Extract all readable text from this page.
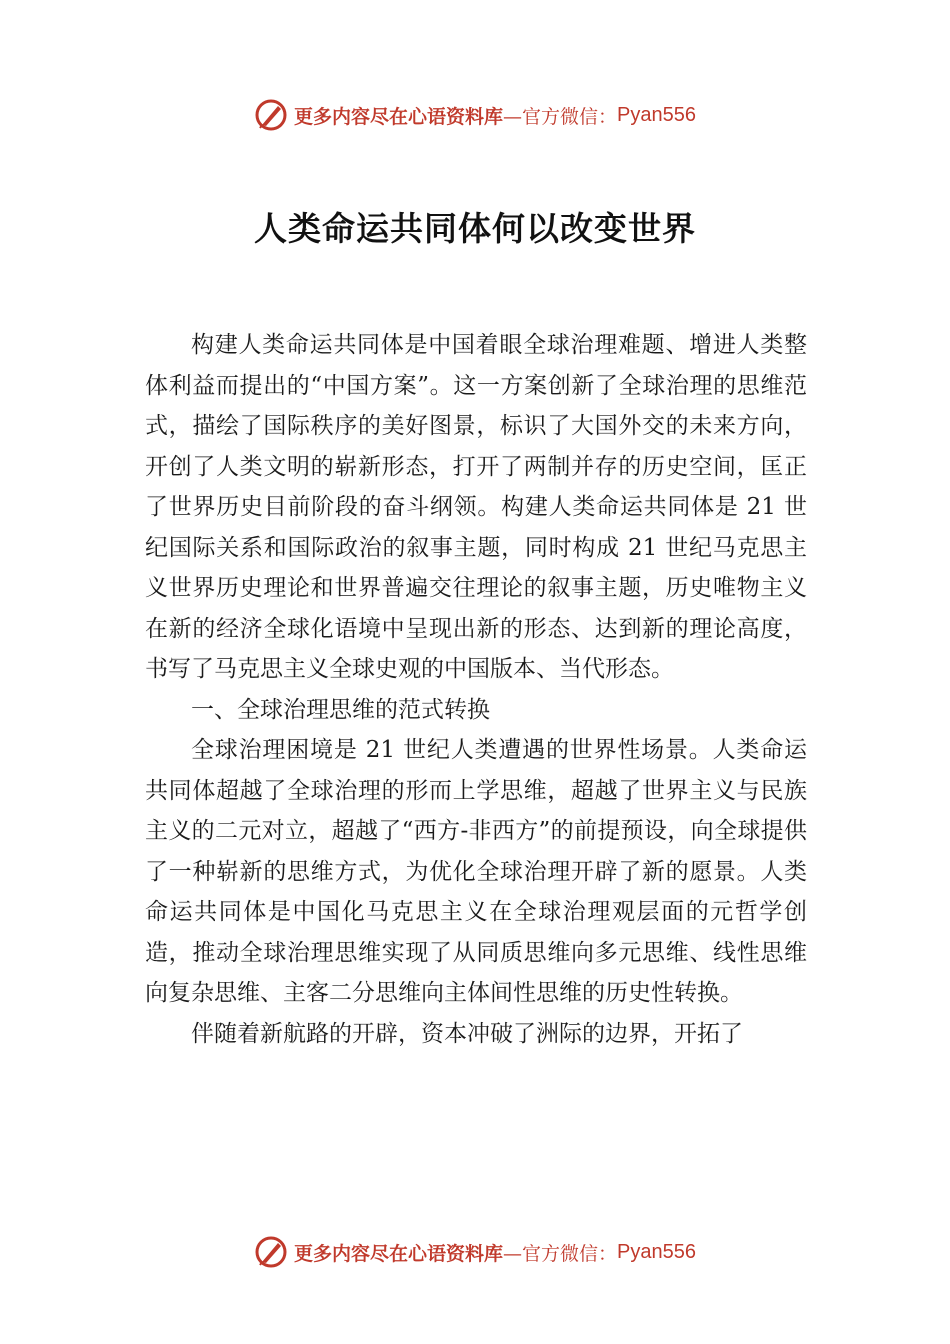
更多内容尽在心语资料库 —官方微信： Pyan556
人类命运共同体何以改变世界

构建人类命运共同体是中国着眼全球治理难题、增进人类整体利益而提出的“中国方案”。这一方案创新了全球治理的思维范式，描绘了国际秩序的美好图景，标识了大国外交的未来方向，开创了人类文明的崭新形态，打开了两制并存的历史空间，匡正了世界历史目前阶段的奋斗纲领。构建人类命运共同体是 21 世纪国际关系和国际政治的叙事主题，同时构成 21 世纪马克思主义世界历史理论和世界普遍交往理论的叙事主题，历史唯物主义在新的经济全球化语境中呈现出新的形态、达到新的理论高度，书写了马克思主义全球史观的中国版本、当代形态。

一、全球治理思维的范式转换

全球治理困境是 21 世纪人类遭遇的世界性场景。人类命运共同体超越了全球治理的形而上学思维，超越了世界主义与民族主义的二元对立，超越了“西方-非西方”的前提预设，向全球提供了一种崭新的思维方式，为优化全球治理开辟了新的愿景。人类命运共同体是中国化马克思主义在全球治理观层面的元哲学创造，推动全球治理思维实现了从同质思维向多元思维、线性思维向复杂思维、主客二分思维向主体间性思维的历史性转换。

伴随着新航路的开辟，资本冲破了洲际的边界，开拓了

更多内容尽在心语资料库 —官方微信： Pyan556
